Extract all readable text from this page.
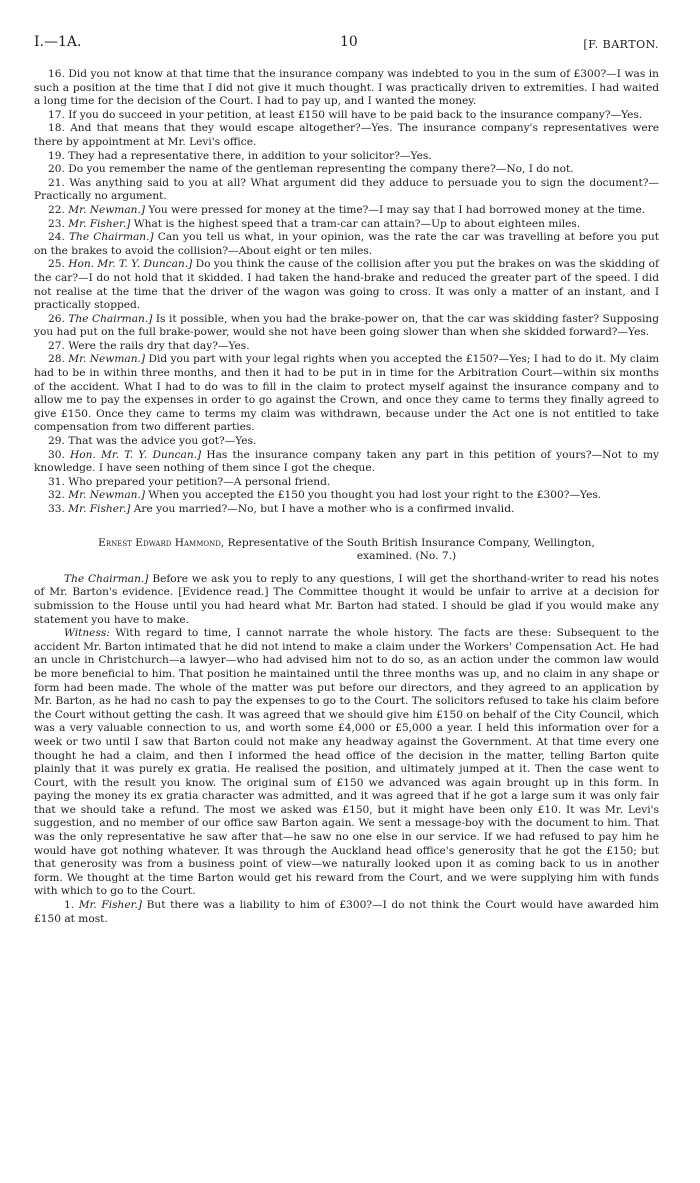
I.—1A.	10	[F. BARTON.

16. Did you not know at that time that the insurance company was indebted to you in the sum of £300?—I was in such a position at the time that I did not give it much thought. I was practically driven to extremities. I had waited a long time for the decision of the Court. I had to pay up, and I wanted the money.

17. If you do succeed in your petition, at least £150 will have to be paid back to the insurance company?—Yes.

18. And that means that they would escape altogether?—Yes. The insurance company's representatives were there by appointment at Mr. Levi's office.

19. They had a representative there, in addition to your solicitor?—Yes.

20. Do you remember the name of the gentleman representing the company there?—No, I do not.

21. Was anything said to you at all? What argument did they adduce to persuade you to sign the document?—Practically no argument.

22. Mr. Newman.] You were pressed for money at the time?—I may say that I had borrowed money at the time.

23. Mr. Fisher.] What is the highest speed that a tram-car can attain?—Up to about eighteen miles.

24. The Chairman.] Can you tell us what, in your opinion, was the rate the car was travelling at before you put on the brakes to avoid the collision?—About eight or ten miles.

25. Hon. Mr. T. Y. Duncan.] Do you think the cause of the collision after you put the brakes on was the skidding of the car?—I do not hold that it skidded. I had taken the hand-brake and reduced the greater part of the speed. I did not realise at the time that the driver of the wagon was going to cross. It was only a matter of an instant, and I practically stopped.

26. The Chairman.] Is it possible, when you had the brake-power on, that the car was skidding faster? Supposing you had put on the full brake-power, would she not have been going slower than when she skidded forward?—Yes.

27. Were the rails dry that day?—Yes.

28. Mr. Newman.] Did you part with your legal rights when you accepted the £150?—Yes; I had to do it. My claim had to be in within three months, and then it had to be put in in time for the Arbitration Court—within six months of the accident. What I had to do was to fill in the claim to protect myself against the insurance company and to allow me to pay the expenses in order to go against the Crown, and once they came to terms they finally agreed to give £150. Once they came to terms my claim was withdrawn, because under the Act one is not entitled to take compensation from two different parties.

29. That was the advice you got?—Yes.

30. Hon. Mr. T. Y. Duncan.] Has the insurance company taken any part in this petition of yours?—Not to my knowledge. I have seen nothing of them since I got the cheque.

31. Who prepared your petition?—A personal friend.

32. Mr. Newman.] When you accepted the £150 you thought you had lost your right to the £300?—Yes.

33. Mr. Fisher.] Are you married?—No, but I have a mother who is a confirmed invalid.

Ernest Edward Hammond, Representative of the South British Insurance Company, Wellington,
examined. (No. 7.)

The Chairman.] Before we ask you to reply to any questions, I will get the shorthand-writer to read his notes of Mr. Barton's evidence. [Evidence read.] The Committee thought it would be unfair to arrive at a decision for submission to the House until you had heard what Mr. Barton had stated. I should be glad if you would make any statement you have to make.

Witness: With regard to time, I cannot narrate the whole history. The facts are these: Subsequent to the accident Mr. Barton intimated that he did not intend to make a claim under the Workers' Compensation Act. He had an uncle in Christchurch—a lawyer—who had advised him not to do so, as an action under the common law would be more beneficial to him. That position he maintained until the three months was up, and no claim in any shape or form had been made. The whole of the matter was put before our directors, and they agreed to an application by Mr. Barton, as he had no cash to pay the expenses to go to the Court. The solicitors refused to take his claim before the Court without getting the cash. It was agreed that we should give him £150 on behalf of the City Council, which was a very valuable connection to us, and worth some £4,000 or £5,000 a year. I held this information over for a week or two until I saw that Barton could not make any headway against the Government. At that time every one thought he had a claim, and then I informed the head office of the decision in the matter, telling Barton quite plainly that it was purely ex gratia. He realised the position, and ultimately jumped at it. Then the case went to Court, with the result you know. The original sum of £150 we advanced was again brought up in this form. In paying the money its ex gratia character was admitted, and it was agreed that if he got a large sum it was only fair that we should take a refund. The most we asked was £150, but it might have been only £10. It was Mr. Levi's suggestion, and no member of our office saw Barton again. We sent a message-boy with the document to him. That was the only representative he saw after that—he saw no one else in our service. If we had refused to pay him he would have got nothing whatever. It was through the Auckland head office's generosity that he got the £150; but that generosity was from a business point of view—we naturally looked upon it as coming back to us in another form. We thought at the time Barton would get his reward from the Court, and we were supplying him with funds with which to go to the Court.

1. Mr. Fisher.] But there was a liability to him of £300?—I do not think the Court would have awarded him £150 at most.
